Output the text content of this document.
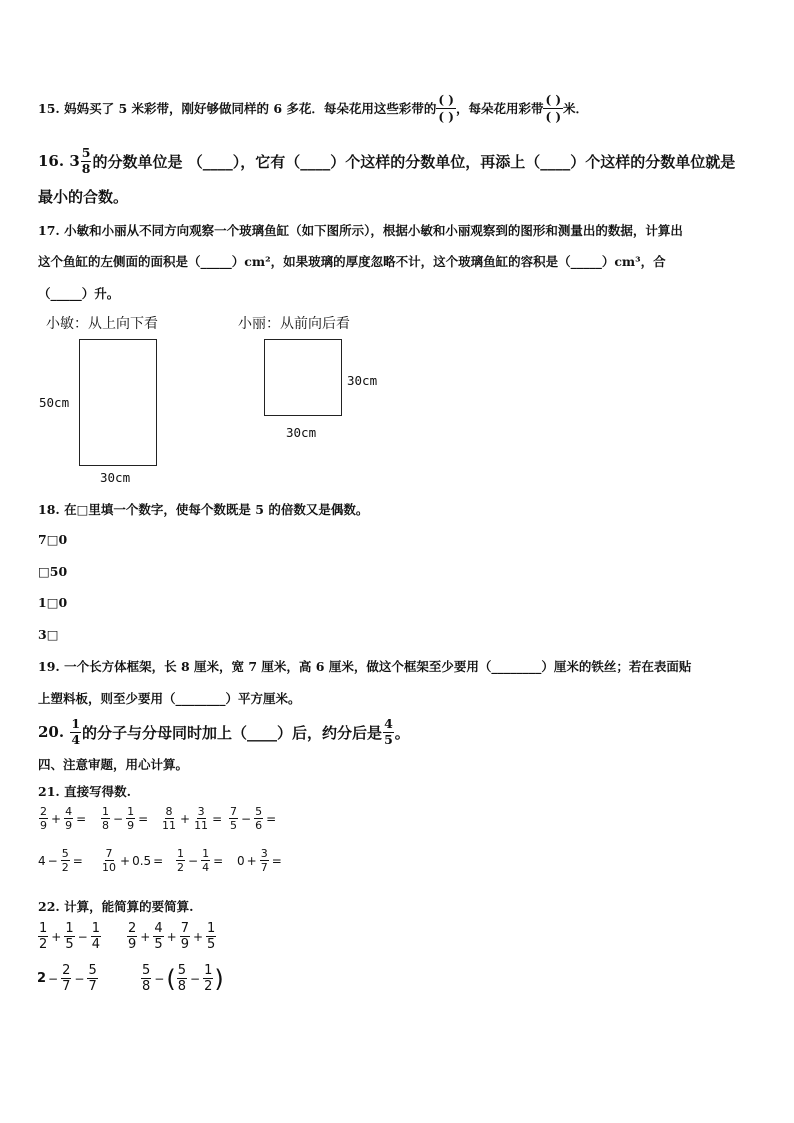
15.
妈妈买了 5 米彩带，刚好够做同样的 6 多花．每朵花用这些彩带的
( )
( )
，每朵花用彩带
( )
( )
米．
16.
$3 \frac{5}{8}$ 的分数单位是 （____），它有（____）个这样的分数单位，再添上（____）个这样的分数单位就是
最小的合数。
17. 小敏和小丽从不同方向观察一个玻璃鱼缸（如下图所示），根据小敏和小丽观察到的图形和测量出的数据，计算出
这个鱼缸的左侧面的面积是（_____）cm²，如果玻璃的厚度忽略不计，这个玻璃鱼缸的容积是（_____）cm³，合
（_____）升。
小敏：从上向下看	小丽：从前向后看
50cm
30cm
30cm
30cm
18. 在□里填一个数字，使每个数既是 5 的倍数又是偶数。
7□0
□50
1□0
3□
19. 一个长方体框架，长 8 厘米，宽 7 厘米，高 6 厘米，做这个框架至少要用（________）厘米的铁丝；若在表面贴
上塑料板，则至少要用（________）平方厘米。
20.
$\frac{1}{4}$ 的分子与分母同时加上（____）后，约分后是 $\frac{4}{5}$ 。
四、注意审题，用心计算。
21. 直接写得数.
$\frac{2}{9} + \frac{4}{9} = \frac{1}{8} - \frac{1}{9} = \frac{8}{11} + \frac{3}{11} = \frac{7}{5} - \frac{5}{6}$ =
$4 - \frac{5}{2} = \frac{7}{10} + 0.5 = \frac{1}{2} - \frac{1}{4} = 0 + \frac{3}{7}$ =
22. 计算，能简算的要简算.
$\frac{1}{2} + \frac{1}{5} - \frac{1}{4} \frac{2}{9} + \frac{4}{5} + \frac{7}{9} + \frac{1}{5}$
$2 - \frac{2}{7} - \frac{5}{7}$	$\frac{5}{8}$ − ( $\frac{5}{8} - \frac{1}{2}$ )
